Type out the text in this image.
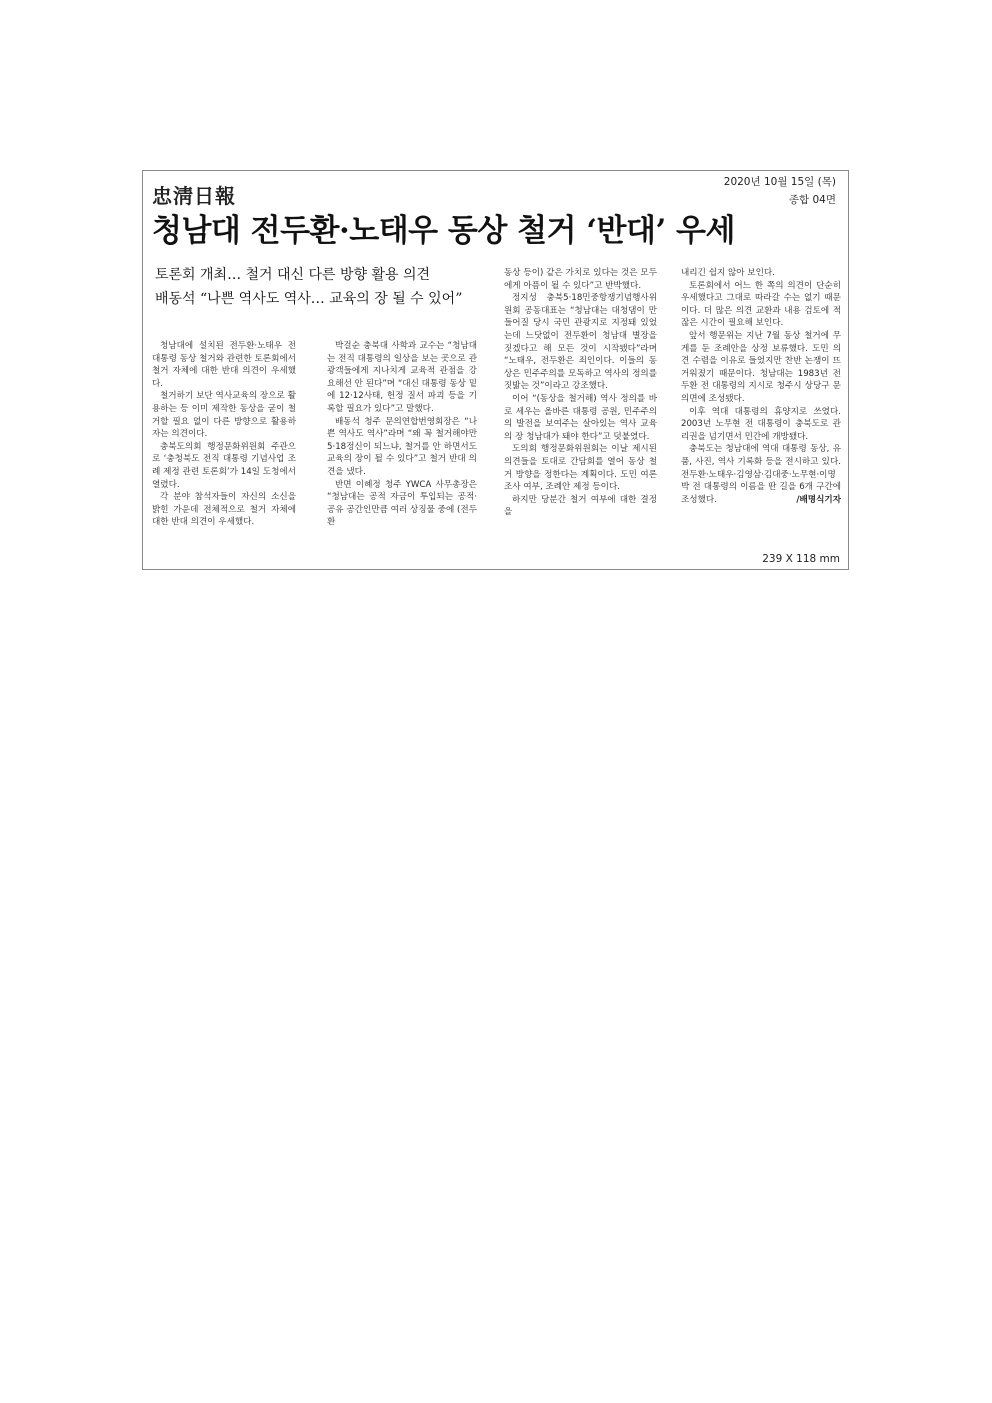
忠淸日報
2020년 10월 15일 (목)
종합 04면
청남대 전두환·노태우 동상 철거 ‘반대’ 우세
토론회 개최… 철거 대신 다른 방향 활용 의견
배동석 “나쁜 역사도 역사… 교육의 장 될 수 있어”

청남대에 설치된 전두환·노태우 전 대통령 동상 철거와 관련한 토론회에서 철거 자체에 대한 반대 의견이 우세했다.

철거하기 보단 역사교육의 장으로 활용하는 등 이미 제작한 동상을 굳이 철거할 필요 없이 다른 방향으로 활용하자는 의견이다.

충북도의회 행정문화위원회 주관으로 ‘충청북도 전직 대통령 기념사업 조례 제정 관련 토론회’가 14일 도청에서 열렸다.

각 분야 참석자들이 자신의 소신을 밝힌 가운데 전체적으로 철거 자체에 대한 반대 의견이 우세했다.

박걸순 충북대 사학과 교수는 “청남대는 전직 대통령의 일상을 보는 곳으로 관광객들에게 지나치게 교육적 관점을 강요해선 안 된다”며 “대신 대통령 동상 밑에 12·12사태, 헌정 질서 파괴 등을 기록할 필요가 있다”고 말했다.

배동석 청주 문의연합번영회장은 “나쁜 역사도 역사”라며 “왜 꼭 철거해야만 5·18정신이 되느냐, 철거를 안 하면서도 교육의 장이 될 수 있다”고 철거 반대 의견을 냈다.

반면 이혜정 청주 YWCA 사무총장은 “청남대는 공적 자금이 투입되는 공적·공유 공간인만큼 여러 상징물 중에 (전두환

동상 등이) 같은 가치로 있다는 것은 모두에게 아픔이 될 수 있다”고 반박했다.

정지성 충북5·18민중항쟁기념행사위원회 공동대표는 “청남대는 대청댐이 만들어질 당시 국민 관광지로 지정돼 있었는데 느닷없이 전두환이 청남대 별장을 짓겠다고 해 모든 것이 시작됐다”라며 “노태우, 전두환은 죄인이다. 이들의 동상은 민주주의를 모독하고 역사의 정의를 짓밟는 것”이라고 강조했다.

이어 “(동상을 철거해) 역사 정의를 바로 세우는 올바른 대통령 공원, 민주주의의 발전을 보여주는 살아있는 역사 교육의 장 청남대가 돼야 한다”고 덧붙였다.

도의회 행정문화위원회는 이날 제시된 의견들을 토대로 간담회를 열어 동상 철거 방향을 정한다는 계획이다. 도민 여론조사 여부, 조례안 제정 등이다.

하지만 당분간 철거 여부에 대한 결정을

내리긴 쉽지 않아 보인다.

토론회에서 어느 한 쪽의 의견이 단순히 우세했다고 그대로 따라갈 수는 없기 때문이다. 더 많은 의견 교환과 내용 검토에 적잖은 시간이 필요해 보인다.

앞서 행문위는 지난 7월 동상 철거에 무게를 둔 조례안을 상정 보류했다. 도민 의견 수렴을 이유로 들었지만 찬반 논쟁이 뜨거워졌기 때문이다. 청남대는 1983년 전두환 전 대통령의 지시로 청주시 상당구 문의면에 조성됐다.

이후 역대 대통령의 휴양지로 쓰였다. 2003년 노무현 전 대통령이 충북도로 관리권을 넘기면서 민간에 개방됐다.

충북도는 청남대에 역대 대통령 동상, 유품, 사진, 역사 기록화 등을 전시하고 있다. 전두환·노태우·김영삼·김대중·노무현·이명박 전 대통령의 이름을 딴 길을 6개 구간에 조성했다.	/배명식기자
239 X 118 mm
